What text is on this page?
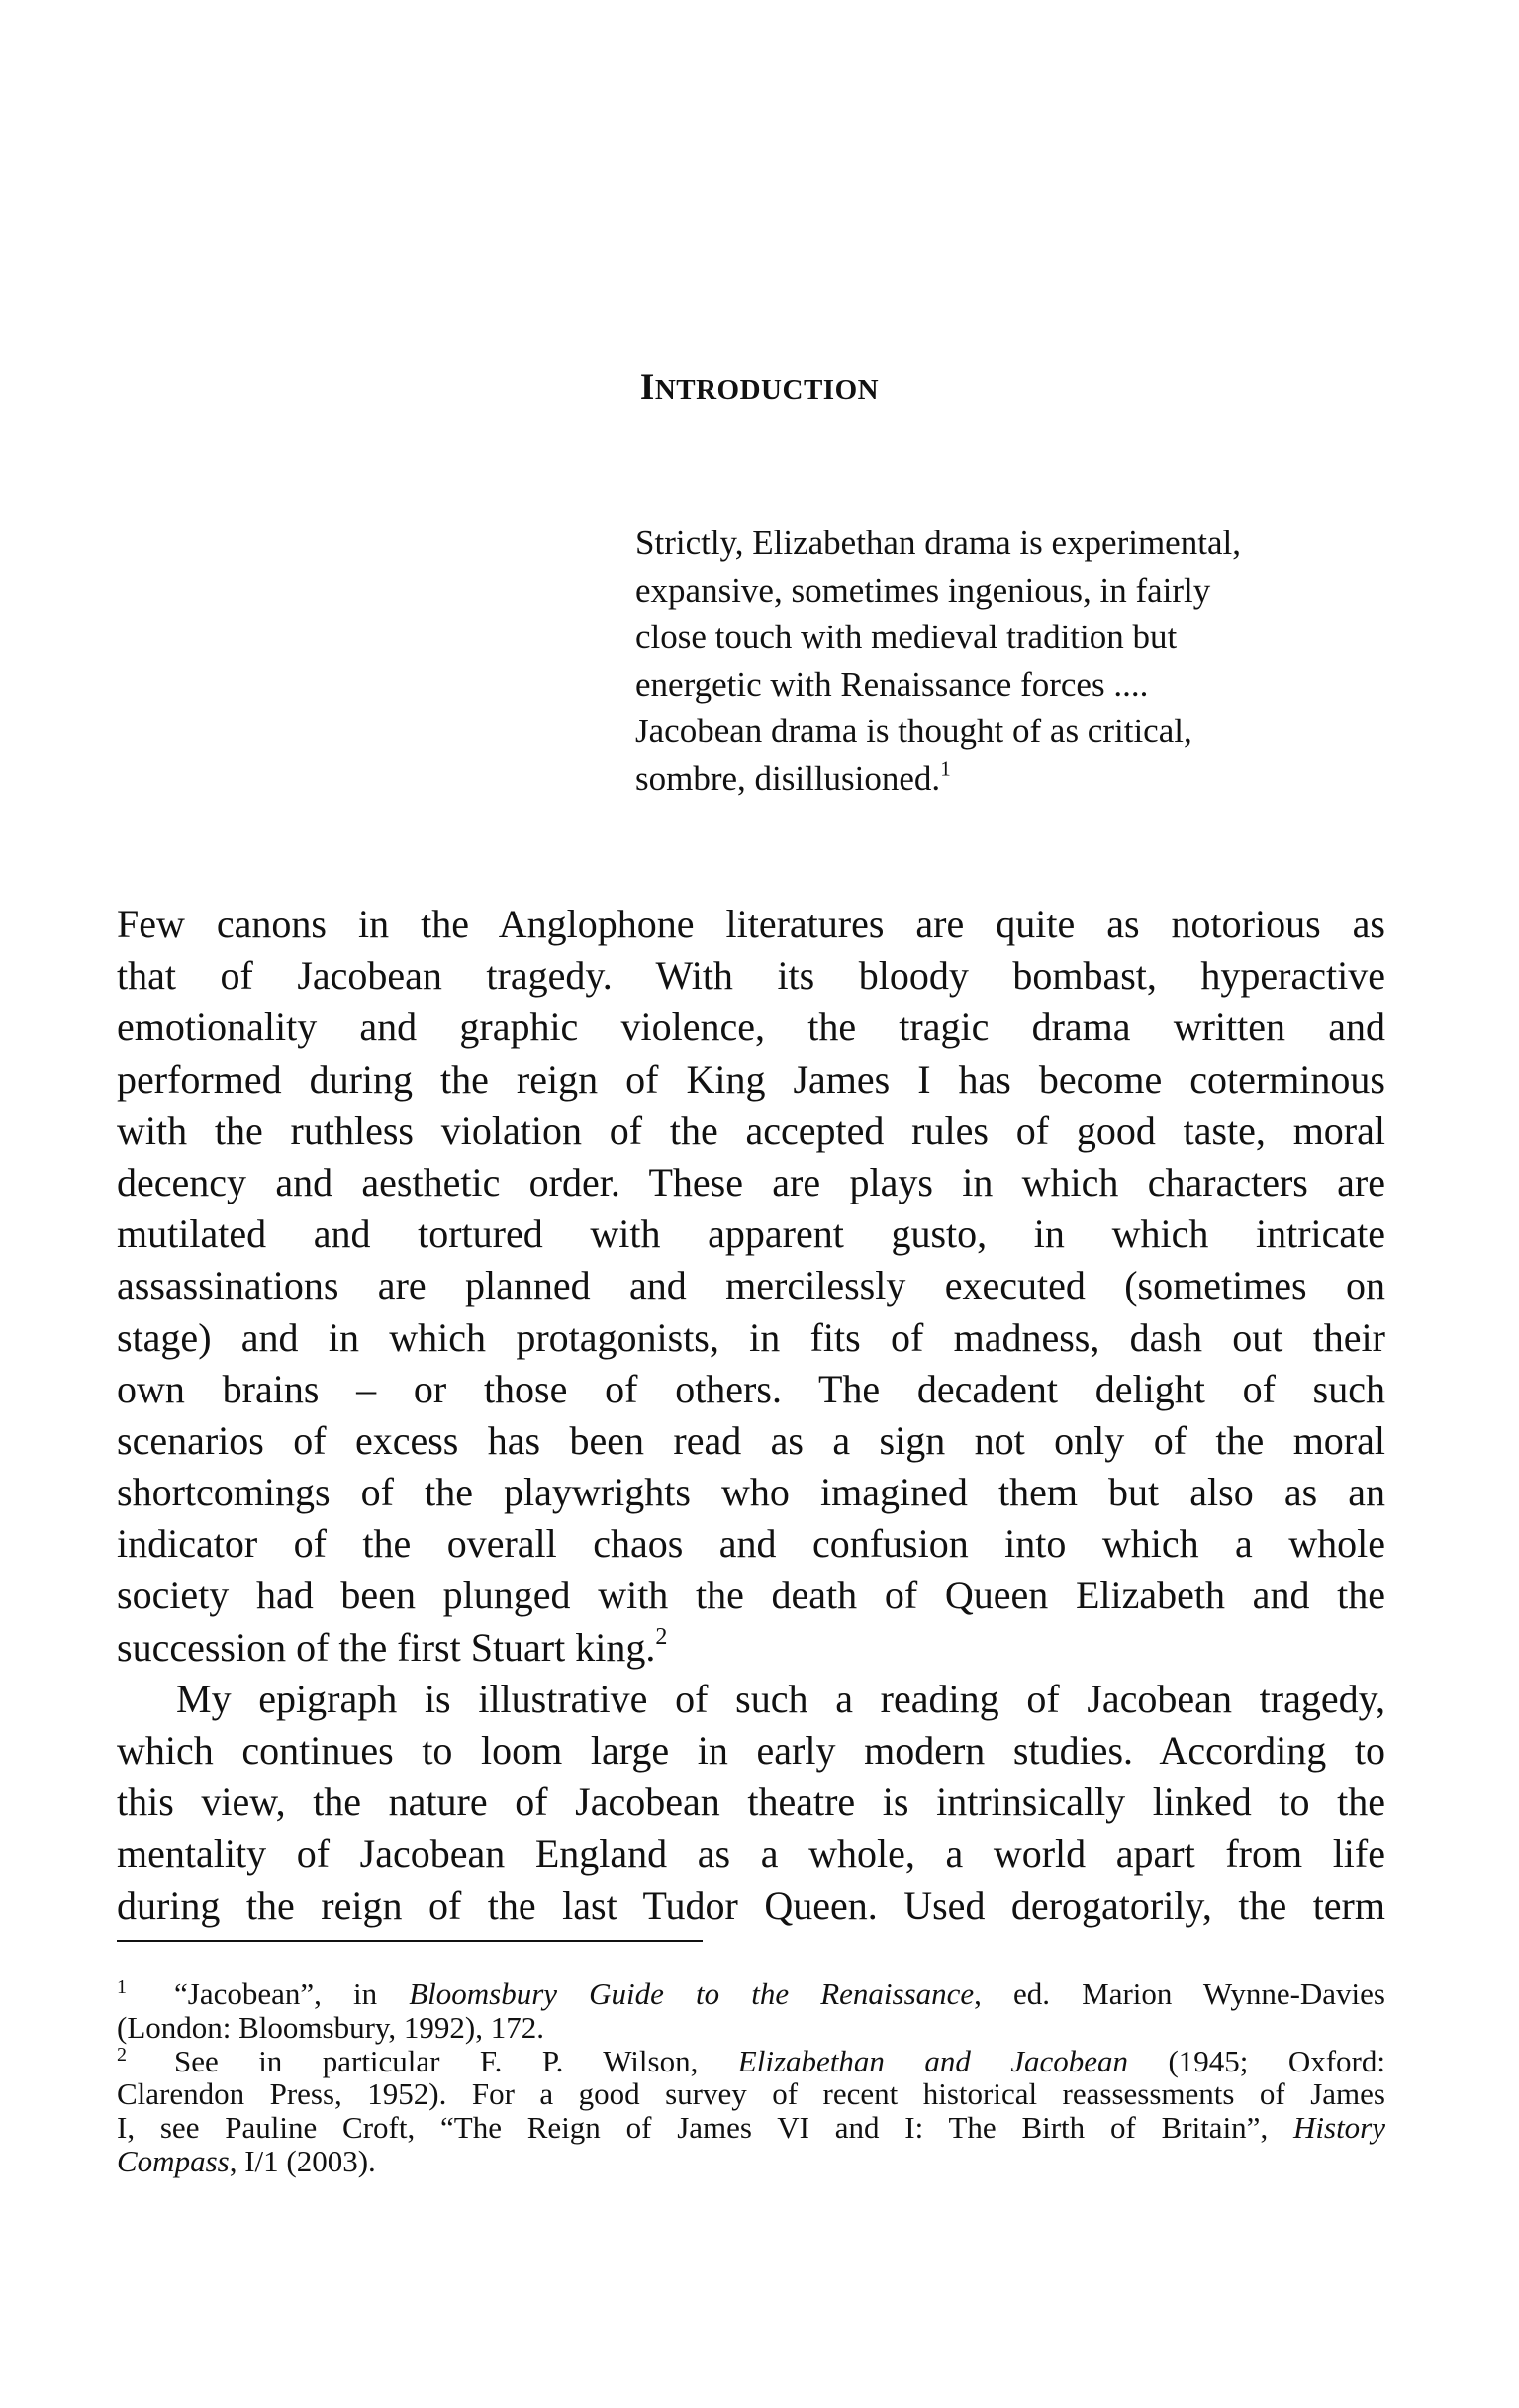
INTRODUCTION
Strictly, Elizabethan drama is experimental,
expansive, sometimes ingenious, in fairly
close touch with medieval tradition but
energetic with Renaissance forces ....
Jacobean drama is thought of as critical,
sombre, disillusioned.$^1$
Few canons in the Anglophone literatures are quite as notorious as
that of Jacobean tragedy. With its bloody bombast, hyperactive
emotionality and graphic violence, the tragic drama written and
performed during the reign of King James I has become coterminous
with the ruthless violation of the accepted rules of good taste, moral
decency and aesthetic order. These are plays in which characters are
mutilated and tortured with apparent gusto, in which intricate
assassinations are planned and mercilessly executed (sometimes on
stage) and in which protagonists, in fits of madness, dash out their
own brains – or those of others. The decadent delight of such
scenarios of excess has been read as a sign not only of the moral
shortcomings of the playwrights who imagined them but also as an
indicator of the overall chaos and confusion into which a whole
society had been plunged with the death of Queen Elizabeth and the
succession of the first Stuart king.$^2$
My epigraph is illustrative of such a reading of Jacobean tragedy,
which continues to loom large in early modern studies. According to
this view, the nature of Jacobean theatre is intrinsically linked to the
mentality of Jacobean England as a whole, a world apart from life
during the reign of the last Tudor Queen. Used derogatorily, the term
1	“Jacobean”, in Bloomsbury Guide to the Renaissance, ed. Marion Wynne-Davies
(London: Bloomsbury, 1992), 172.
2	See in particular F. P. Wilson, Elizabethan and Jacobean (1945; Oxford:
Clarendon Press, 1952). For a good survey of recent historical reassessments of James
I, see Pauline Croft, “The Reign of James VI and I: The Birth of Britain”, History
Compass, I/1 (2003).
